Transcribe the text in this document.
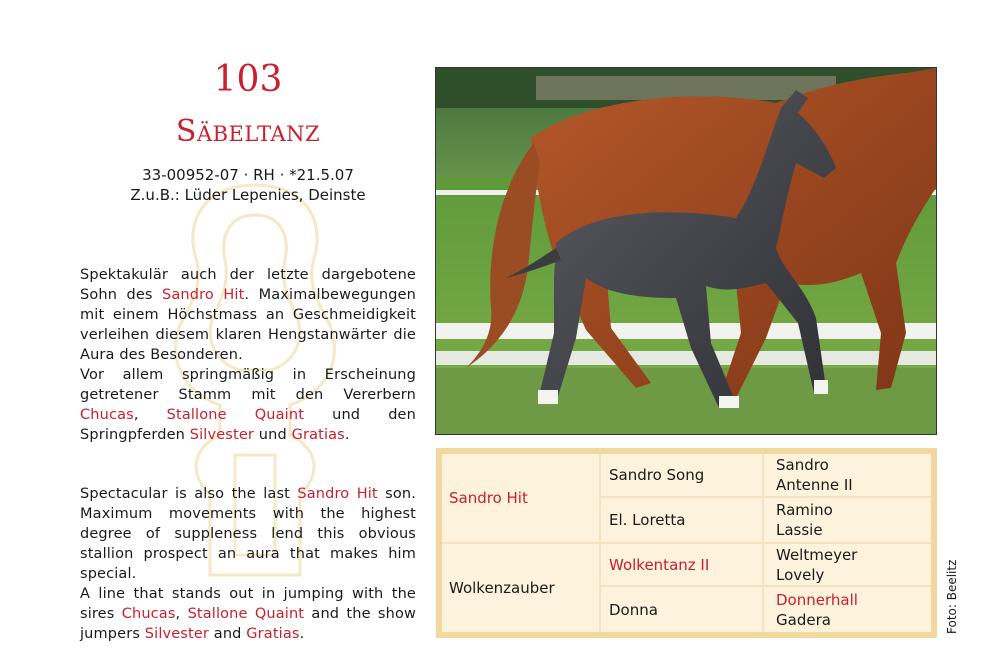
103
Säbeltanz
33-00952-07 · RH · *21.5.07
Z.u.B.: Lüder Lepenies, Deinste
Spektakulär auch der letzte dargebotene Sohn des Sandro Hit. Maximalbewegungen mit einem Höchstmass an Geschmeidigkeit verleihen diesem klaren Hengstanwärter die Aura des Besonderen.
Vor allem springmäßig in Erscheinung getretener Stamm mit den Vererbern Chucas, Stallone Quaint und den Springpferden Silvester und Gratias.
Spectacular is also the last Sandro Hit son. Maximum movements with the highest degree of suppleness lend this obvious stallion prospect an aura that makes him special.
A line that stands out in jumping with the sires Chucas, Stallone Quaint and the show jumpers Silvester and Gratias.
Sandro Hit
Wolkenzauber
Sandro Song
El. Loretta
Wolkentanz II
Donna
Sandro
Antenne II
Ramino
Lassie
Weltmeyer
Lovely
Donnerhall
Gadera	Foto: Beelitz
